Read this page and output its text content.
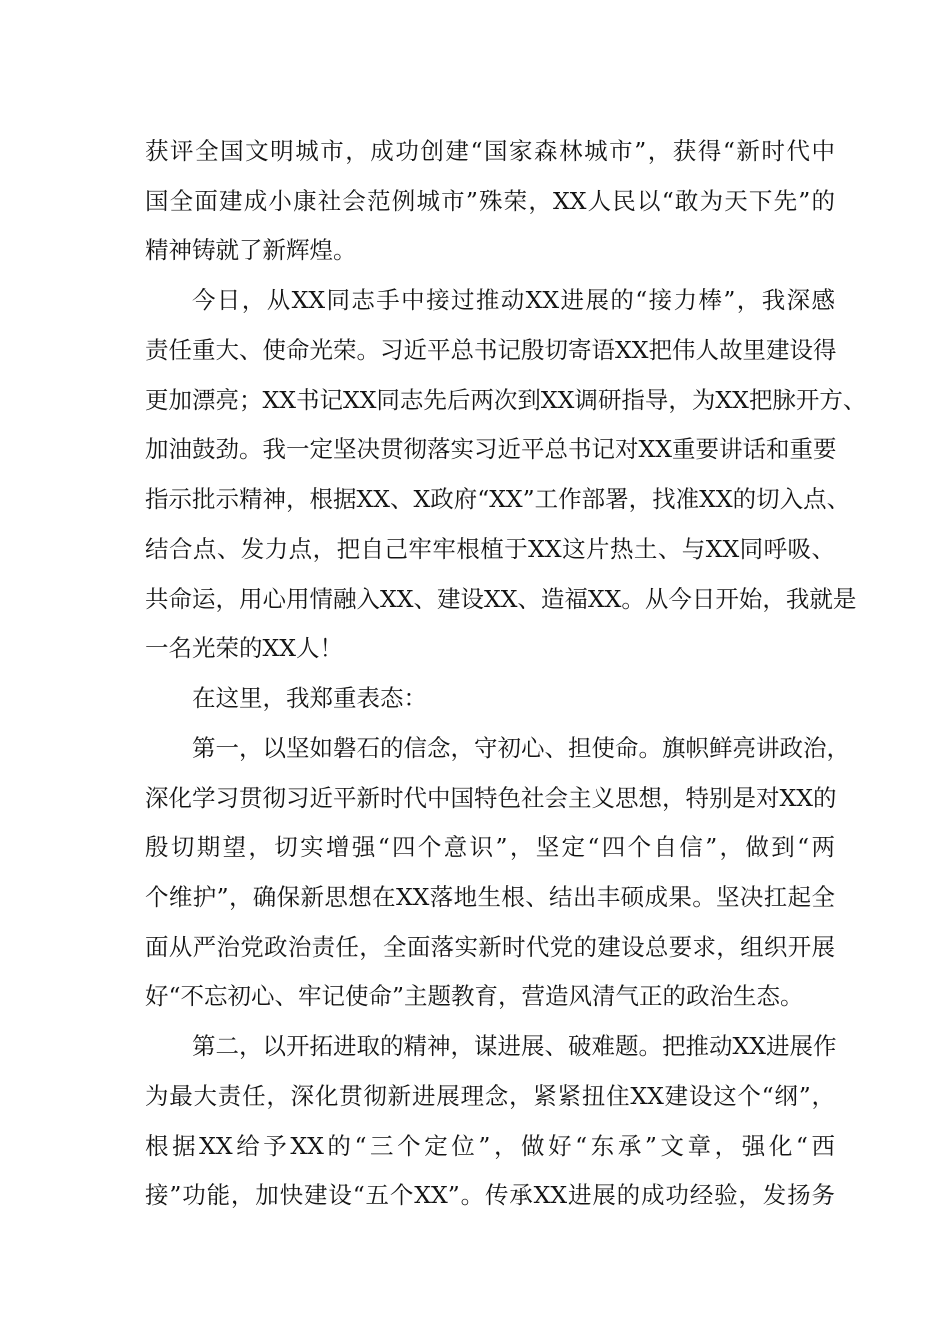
获评全国文明城市，成功创建“国家森林城市”，获得“新时代中
国全面建成小康社会范例城市”殊荣，XX人民以“敢为天下先”的
精神铸就了新辉煌。
今日，从XX同志手中接过推动XX进展的“接力棒”，我深感
责任重大、使命光荣。习近平总书记殷切寄语XX把伟人故里建设得
更加漂亮；XX书记XX同志先后两次到XX调研指导，为XX把脉开方、
加油鼓劲。我一定坚决贯彻落实习近平总书记对XX重要讲话和重要
指示批示精神，根据XX、X政府“XX”工作部署，找准XX的切入点、
结合点、发力点，把自己牢牢根植于XX这片热土、与XX同呼吸、
共命运，用心用情融入XX、建设XX、造福XX。从今日开始，我就是
一名光荣的XX人！
在这里，我郑重表态：
第一，以坚如磐石的信念，守初心、担使命。旗帜鲜亮讲政治，
深化学习贯彻习近平新时代中国特色社会主义思想，特别是对XX的
殷切期望，切实增强“四个意识”，坚定“四个自信”，做到“两
个维护”，确保新思想在XX落地生根、结出丰硕成果。坚决扛起全
面从严治党政治责任，全面落实新时代党的建设总要求，组织开展
好“不忘初心、牢记使命”主题教育，营造风清气正的政治生态。
第二，以开拓进取的精神，谋进展、破难题。把推动XX进展作
为最大责任，深化贯彻新进展理念，紧紧扭住XX建设这个“纲”，
根据XX给予XX的“三个定位”，做好“东承”文章，强化“西
接”功能，加快建设“五个XX”。传承XX进展的成功经验，发扬务
